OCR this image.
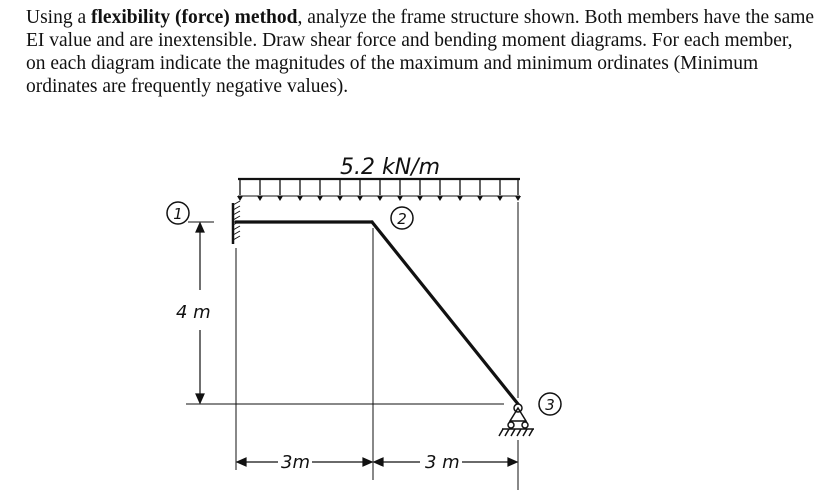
Using a flexibility (force) method, analyze the frame structure shown. Both members have the same EI value and are inextensible. Draw shear force and bending moment diagrams. For each member, on each diagram indicate the magnitudes of the maximum and minimum ordinates (Minimum ordinates are frequently negative values).

5.2 kN/m
4 m
3m	3 m
1	2
3
